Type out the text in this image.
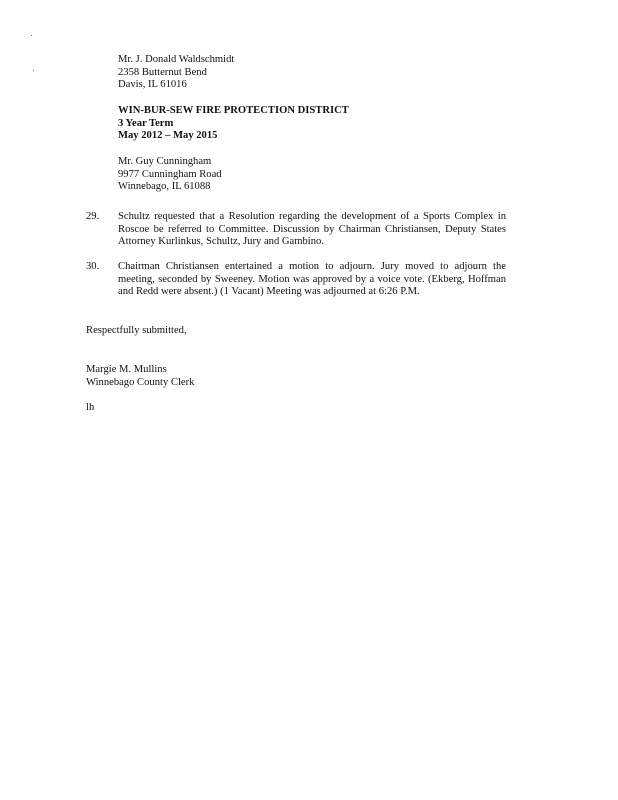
Mr. J. Donald Waldschmidt
2358 Butternut Bend
Davis, IL 61016
WIN-BUR-SEW FIRE PROTECTION DISTRICT
3 Year Term
May 2012 – May 2015
Mr. Guy Cunningham
9977 Cunningham Road
Winnebago, IL 61088
29. Schultz requested that a Resolution regarding the development of a Sports Complex in Roscoe be referred to Committee. Discussion by Chairman Christiansen, Deputy States Attorney Kurlinkus, Schultz, Jury and Gambino.
30. Chairman Christiansen entertained a motion to adjourn. Jury moved to adjourn the meeting, seconded by Sweeney. Motion was approved by a voice vote. (Ekberg, Hoffman and Redd were absent.) (1 Vacant) Meeting was adjourned at 6:26 P.M.
Respectfully submitted,
Margie M. Mullins
Winnebago County Clerk
lh
